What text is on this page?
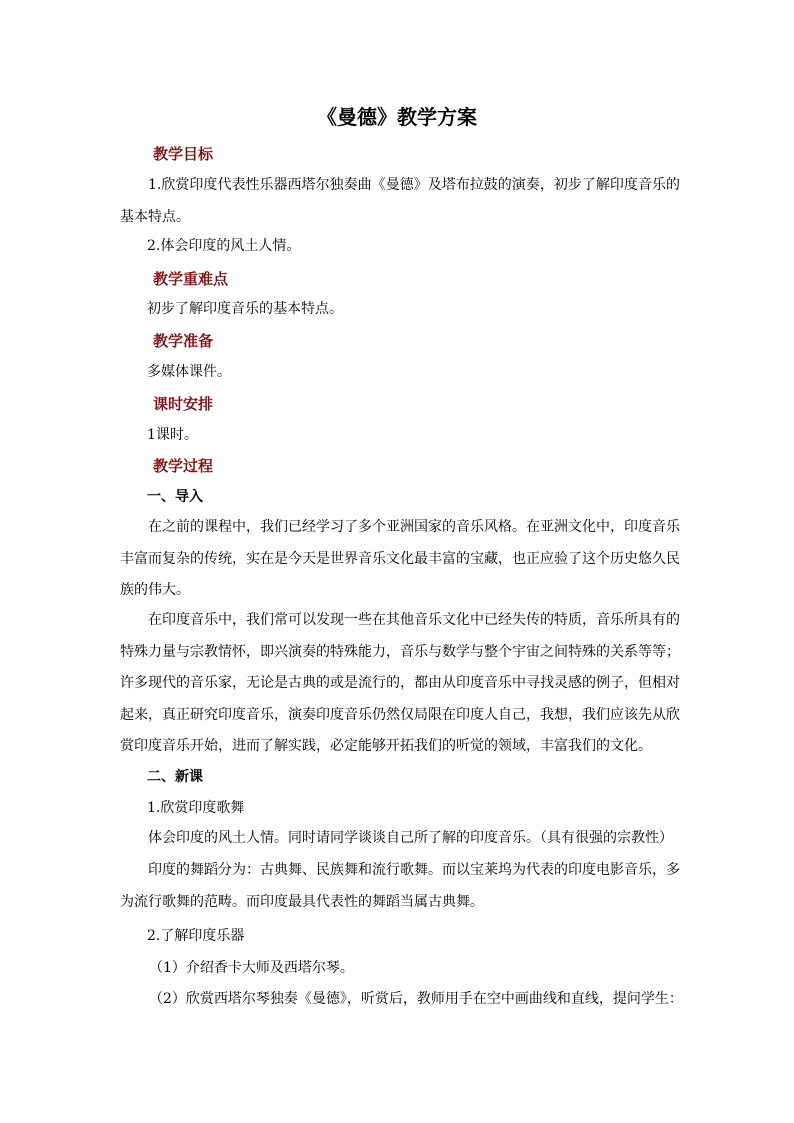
《曼德》教学方案
教学目标
1.欣赏印度代表性乐器西塔尔独奏曲《曼德》及塔布拉鼓的演奏，初步了解印度音乐的基本特点。
2.体会印度的风土人情。
教学重难点
初步了解印度音乐的基本特点。
教学准备
多媒体课件。
课时安排
1课时。
教学过程
一、导入
在之前的课程中，我们已经学习了多个亚洲国家的音乐风格。在亚洲文化中，印度音乐丰富而复杂的传统，实在是今天是世界音乐文化最丰富的宝藏，也正应验了这个历史悠久民族的伟大。
在印度音乐中，我们常可以发现一些在其他音乐文化中已经失传的特质，音乐所具有的特殊力量与宗教情怀，即兴演奏的特殊能力，音乐与数学与整个宇宙之间特殊的关系等等；许多现代的音乐家，无论是古典的或是流行的，都由从印度音乐中寻找灵感的例子，但相对起来，真正研究印度音乐，演奏印度音乐仍然仅局限在印度人自己，我想，我们应该先从欣赏印度音乐开始，进而了解实践，必定能够开拓我们的听觉的领域，丰富我们的文化。
二、新课
1.欣赏印度歌舞
体会印度的风土人情。同时请同学谈谈自己所了解的印度音乐。（具有很强的宗教性）
印度的舞蹈分为：古典舞、民族舞和流行歌舞。而以宝莱坞为代表的印度电影音乐，多为流行歌舞的范畴。而印度最具代表性的舞蹈当属古典舞。
2.了解印度乐器
（1）介绍香卡大师及西塔尔琴。
（2）欣赏西塔尔琴独奏《曼德》，听赏后，教师用手在空中画曲线和直线，提问学生：
